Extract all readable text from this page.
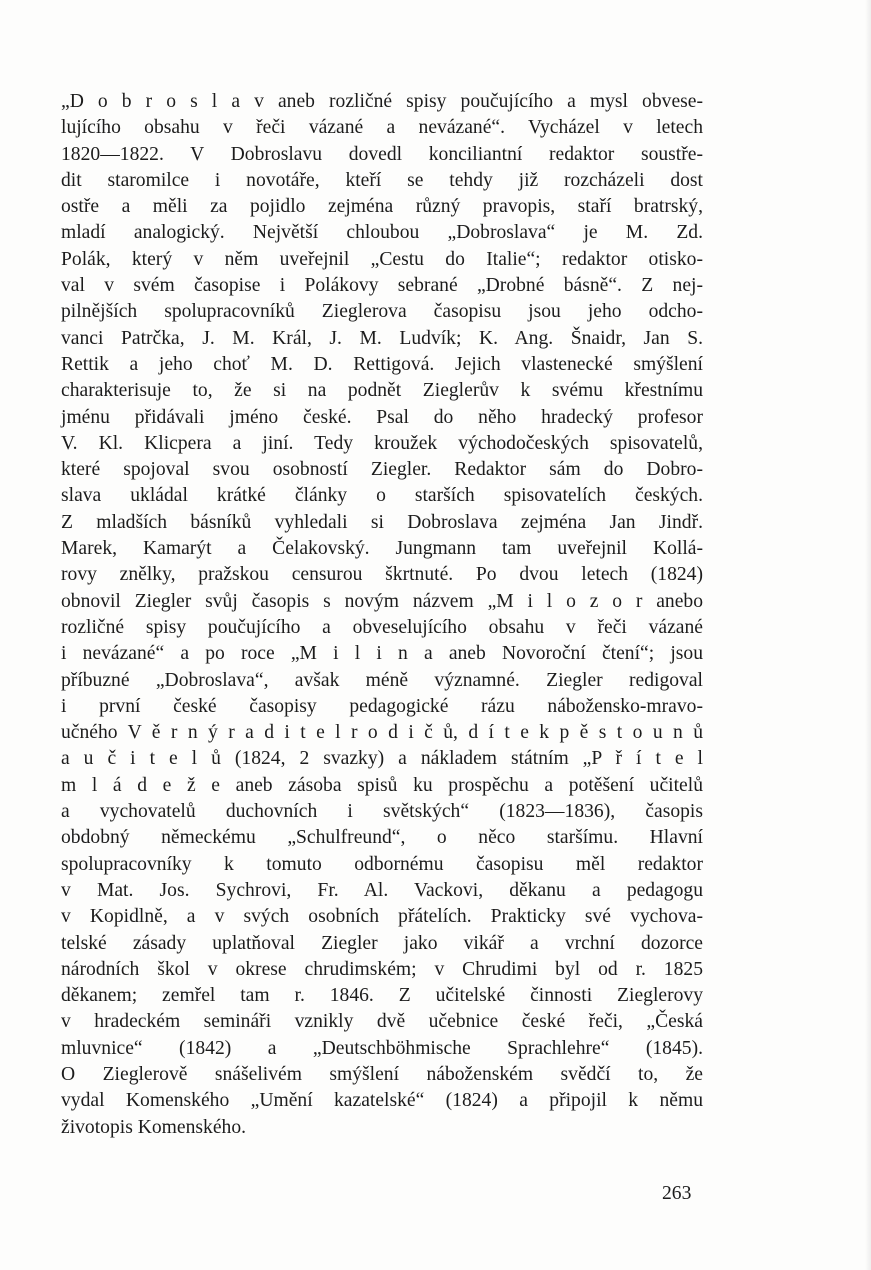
„D o b r o s l a v aneb rozličné spisy poučujícího a mysl obvese-
lujícího obsahu v řeči vázané a nevázané“. Vycházel v letech
1820—1822. V Dobroslavu dovedl konciliantní redaktor soustře-
dit staromilce i novotáře, kteří se tehdy již rozcházeli dost
ostře a měli za pojidlo zejména různý pravopis, staří bratrský,
mladí analogický. Největší chloubou „Dobroslava“ je M. Zd.
Polák, který v něm uveřejnil „Cestu do Italie“; redaktor otisko-
val v svém časopise i Polákovy sebrané „Drobné básně“. Z nej-
pilnějších spolupracovníků Zieglerova časopisu jsou jeho odcho-
vanci Patrčka, J. M. Král, J. M. Ludvík; K. Ang. Šnaidr, Jan S.
Rettik a jeho choť M. D. Rettigová. Jejich vlastenecké smýšlení
charakterisuje to, že si na podnět Zieglerův k svému křestnímu
jménu přidávali jméno české. Psal do něho hradecký profesor
V. Kl. Klicpera a jiní. Tedy kroužek východočeských spisovatelů,
které spojoval svou osobností Ziegler. Redaktor sám do Dobro-
slava ukládal krátké články o starších spisovatelích českých.
Z mladších básníků vyhledali si Dobroslava zejména Jan Jindř.
Marek, Kamarýt a Čelakovský. Jungmann tam uveřejnil Kollá-
rovy znělky, pražskou censurou škrtnuté. Po dvou letech (1824)
obnovil Ziegler svůj časopis s novým názvem „M i l o z o r anebo
rozličné spisy poučujícího a obveselujícího obsahu v řeči vázané
i nevázané“ a po roce „M i l i n a aneb Novoroční čtení“; jsou
příbuzné „Dobroslava“, avšak méně významné. Ziegler redigoval
i první české časopisy pedagogické rázu nábožensko-mravo-
učného V ě r n ý r a d i t e l r o d i č ů, d í t e k p ě s t o u n ů
a u č i t e l ů (1824, 2 svazky) a nákladem státním „P ř í t e l
m l á d e ž e aneb zásoba spisů ku prospěchu a potěšení učitelů
a vychovatelů duchovních i světských“ (1823—1836), časopis
obdobný německému „Schulfreund“, o něco staršímu. Hlavní
spolupracovníky k tomuto odbornému časopisu měl redaktor
v Mat. Jos. Sychrovi, Fr. Al. Vackovi, děkanu a pedagogu
v Kopidlně, a v svých osobních přátelích. Prakticky své vychova-
telské zásady uplatňoval Ziegler jako vikář a vrchní dozorce
národních škol v okrese chrudimském; v Chrudimi byl od r. 1825
děkanem; zemřel tam r. 1846. Z učitelské činnosti Zieglerovy
v hradeckém semináři vznikly dvě učebnice české řeči, „Česká
mluvnice“ (1842) a „Deutschböhmische Sprachlehre“ (1845).
O Zieglerově snášelivém smýšlení náboženském svědčí to, že
vydal Komenského „Umění kazatelské“ (1824) a připojil k němu
životopis Komenského.
263
